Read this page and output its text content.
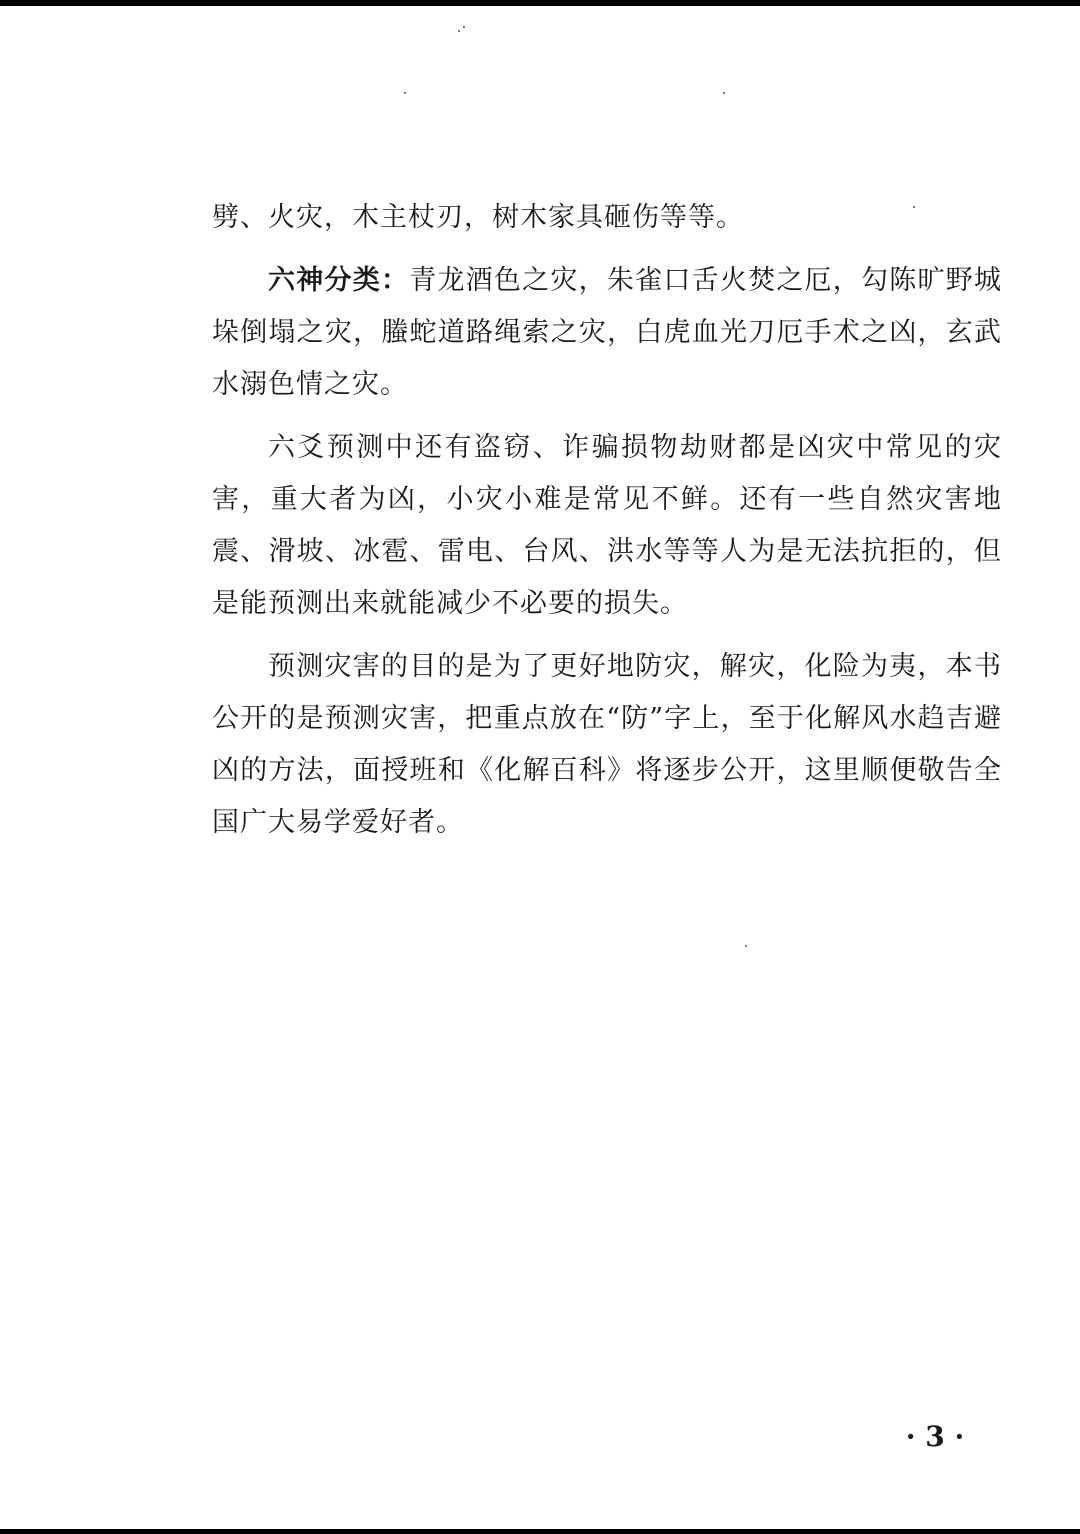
劈、火灾，木主杖刃，树木家具砸伤等等。

六神分类：青龙酒色之灾，朱雀口舌火焚之厄，勾陈旷野城垛倒塌之灾，螣蛇道路绳索之灾，白虎血光刀厄手术之凶，玄武水溺色情之灾。

六爻预测中还有盗窃、诈骗损物劫财都是凶灾中常见的灾害，重大者为凶，小灾小难是常见不鲜。还有一些自然灾害地震、滑坡、冰雹、雷电、台风、洪水等等人为是无法抗拒的，但是能预测出来就能减少不必要的损失。

预测灾害的目的是为了更好地防灾，解灾，化险为夷，本书公开的是预测灾害，把重点放在“防”字上，至于化解风水趋吉避凶的方法，面授班和《化解百科》将逐步公开，这里顺便敬告全国广大易学爱好者。

· 3 ·
